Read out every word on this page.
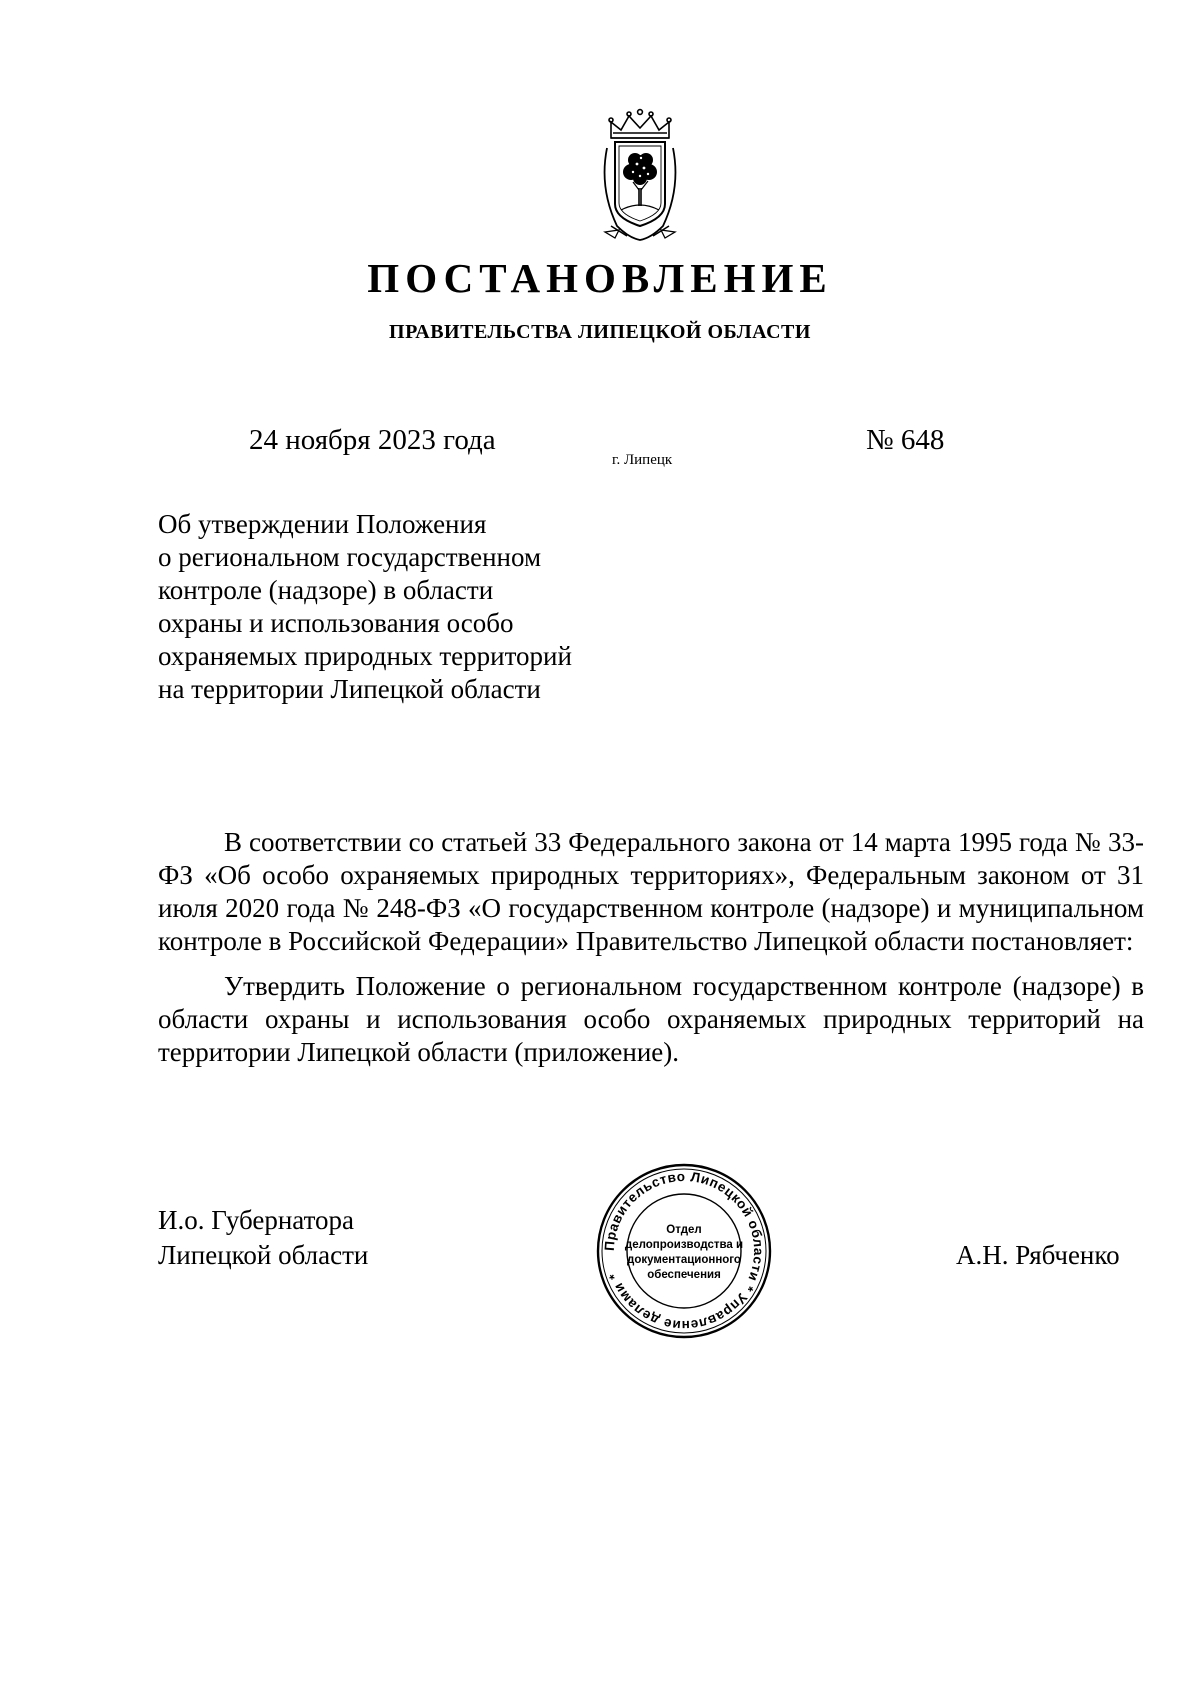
ПОСТАНОВЛЕНИЕ
ПРАВИТЕЛЬСТВА ЛИПЕЦКОЙ ОБЛАСТИ
24 ноября 2023 года
г. Липецк
№ 648
Об утверждении Положения
о региональном государственном
контроле (надзоре) в области
охраны и использования особо
охраняемых природных территорий
на территории Липецкой области

В соответствии со статьей 33 Федерального закона от 14 марта 1995 года № 33-ФЗ «Об особо охраняемых природных территориях», Федеральным законом от 31 июля 2020 года № 248-ФЗ «О государственном контроле (надзоре) и муниципальном контроле в Российской Федерации» Правительство Липецкой области постановляет:

Утвердить Положение о региональном государственном контроле (надзоре) в области охраны и использования особо охраняемых природных территорий на территории Липецкой области (приложение).

И.о. Губернатора
Липецкой области	Правительство Липецкой области * Управление делами *
Отдел
делопроизводства и
документационного
обеспечения
А.Н. Рябченко
